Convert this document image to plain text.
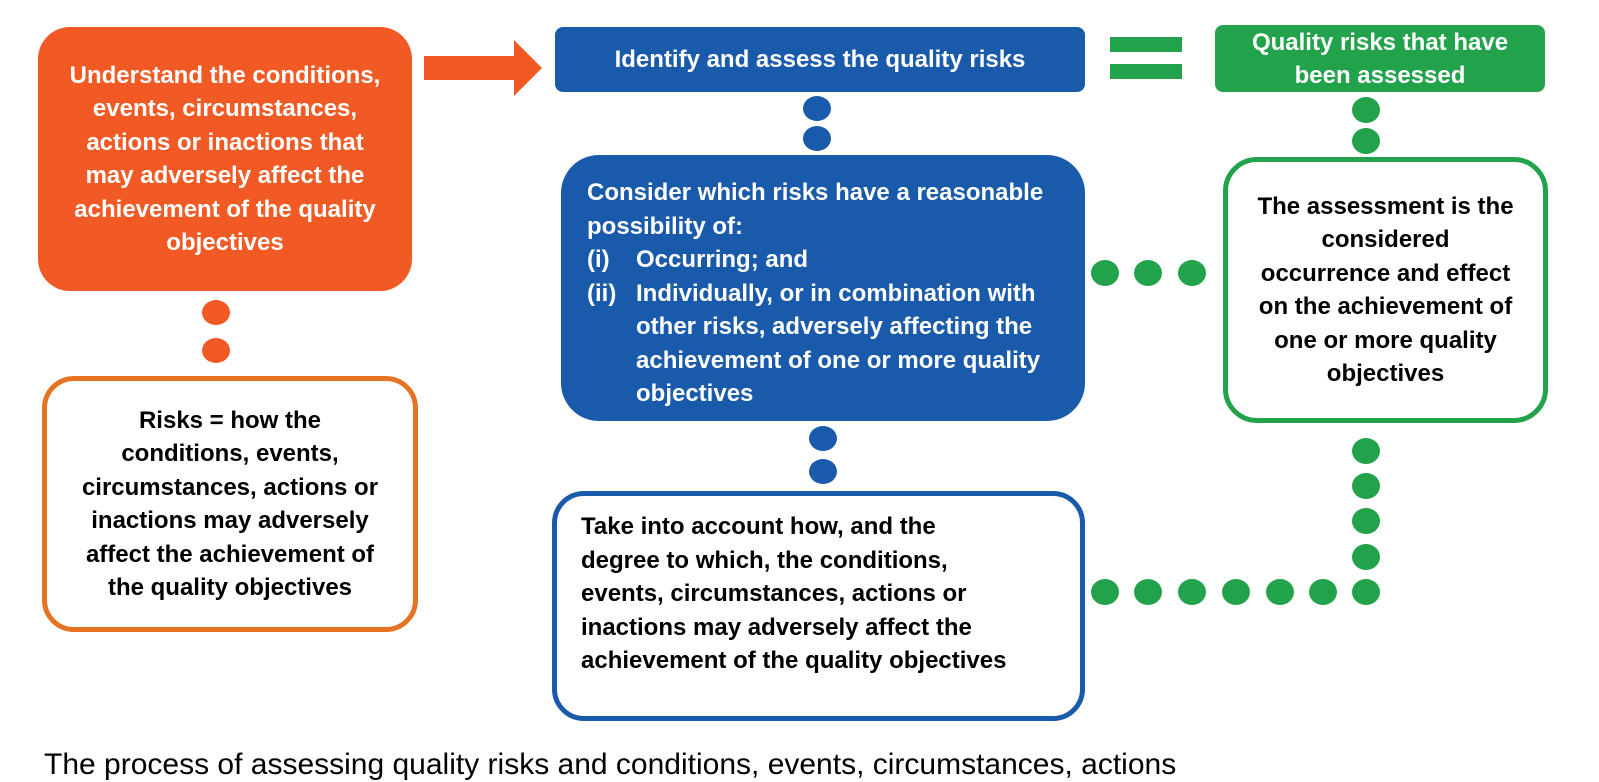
Understand the conditions, events, circumstances, actions or inactions that may adversely affect the achievement of the quality objectives
Risks = how the conditions, events, circumstances, actions or inactions may adversely affect the achievement of the quality objectives
Identify and assess the quality risks
Consider which risks have a reasonable possibility of:
(i)	Occurring; and
(ii) Individually, or in combination with other risks, adversely affecting the achievement of one or more quality objectives
Take into account how, and the degree to which, the conditions, events, circumstances, actions or inactions may adversely affect the achievement of the quality objectives
Quality risks that have been assessed
The assessment is the considered occurrence and effect on the achievement of one or more quality objectives
The process of assessing quality risks and conditions, events, circumstances, actions
